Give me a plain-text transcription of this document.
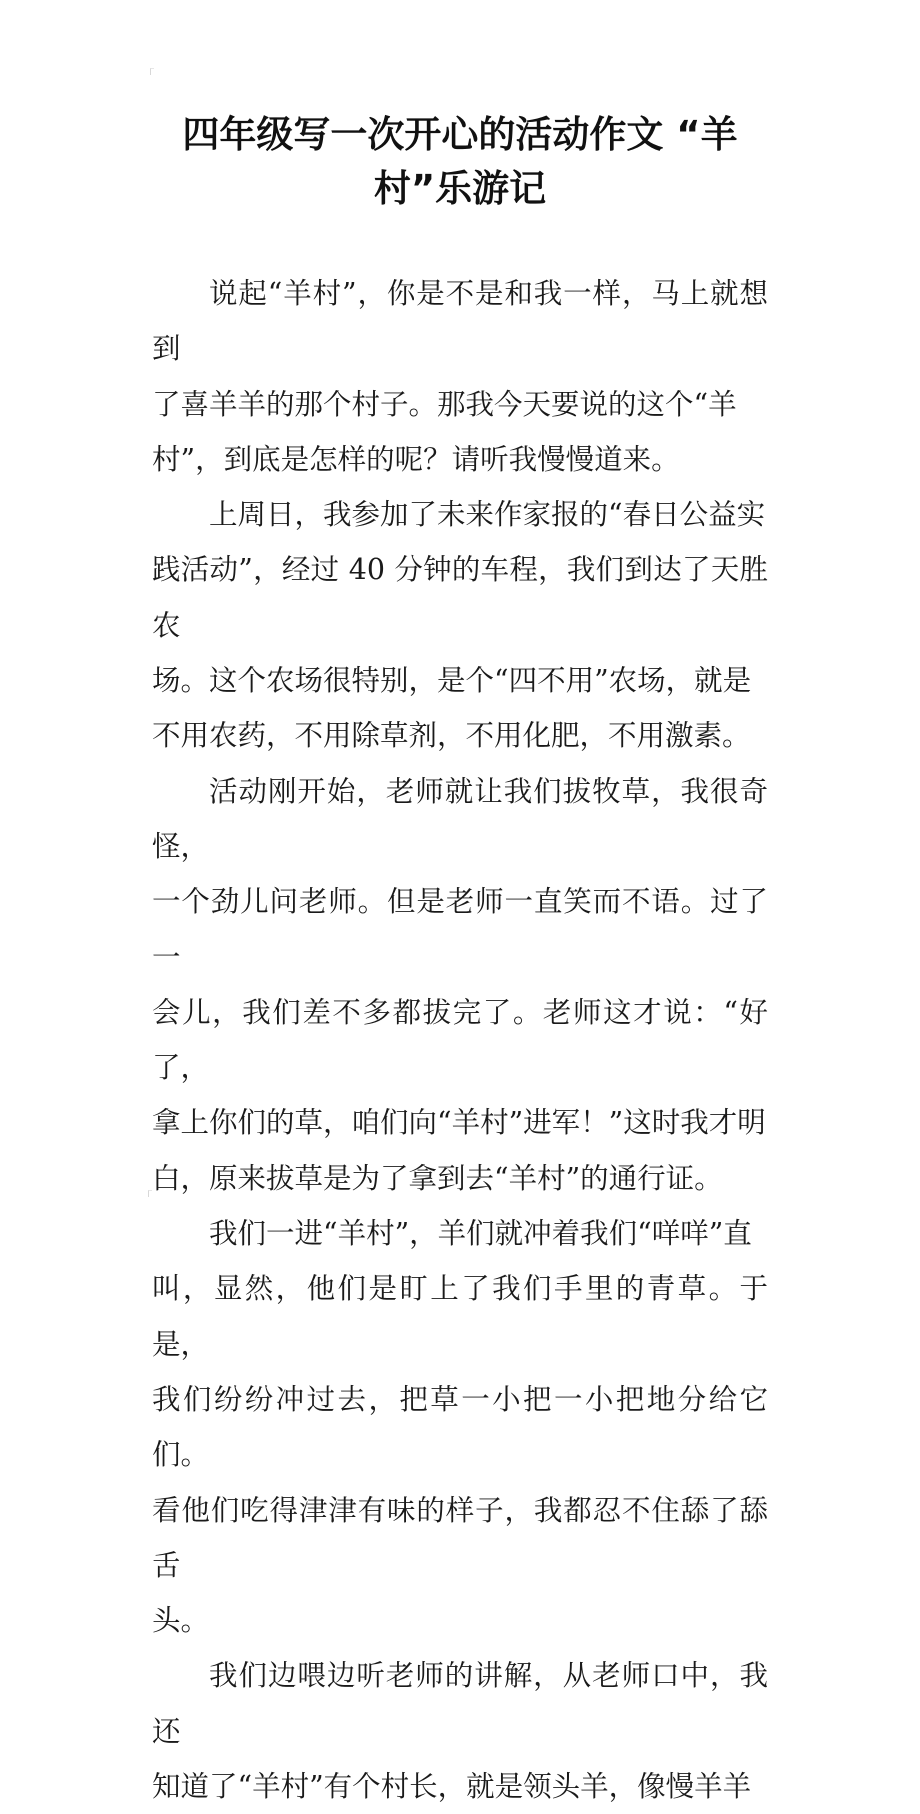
四年级写一次开心的活动作文 “羊村”乐游记

说起“羊村”，你是不是和我一样，马上就想到
了喜羊羊的那个村子。那我今天要说的这个“羊
村”，到底是怎样的呢？请听我慢慢道来。

上周日，我参加了未来作家报的“春日公益实
践活动”，经过 40 分钟的车程，我们到达了天胜农
场。这个农场很特别，是个“四不用”农场，就是
不用农药，不用除草剂，不用化肥，不用激素。

活动刚开始，老师就让我们拔牧草，我很奇怪，
一个劲儿问老师。但是老师一直笑而不语。过了一
会儿，我们差不多都拔完了。老师这才说：“好了，
拿上你们的草，咱们向“羊村”进军！”这时我才明
白，原来拔草是为了拿到去“羊村”的通行证。

我们一进“羊村”，羊们就冲着我们“咩咩”直
叫，显然，他们是盯上了我们手里的青草。于是，
我们纷纷冲过去，把草一小把一小把地分给它们。
看他们吃得津津有味的样子，我都忍不住舔了舔舌
头。

我们边喂边听老师的讲解，从老师口中，我还
知道了“羊村”有个村长，就是领头羊，像慢羊羊
